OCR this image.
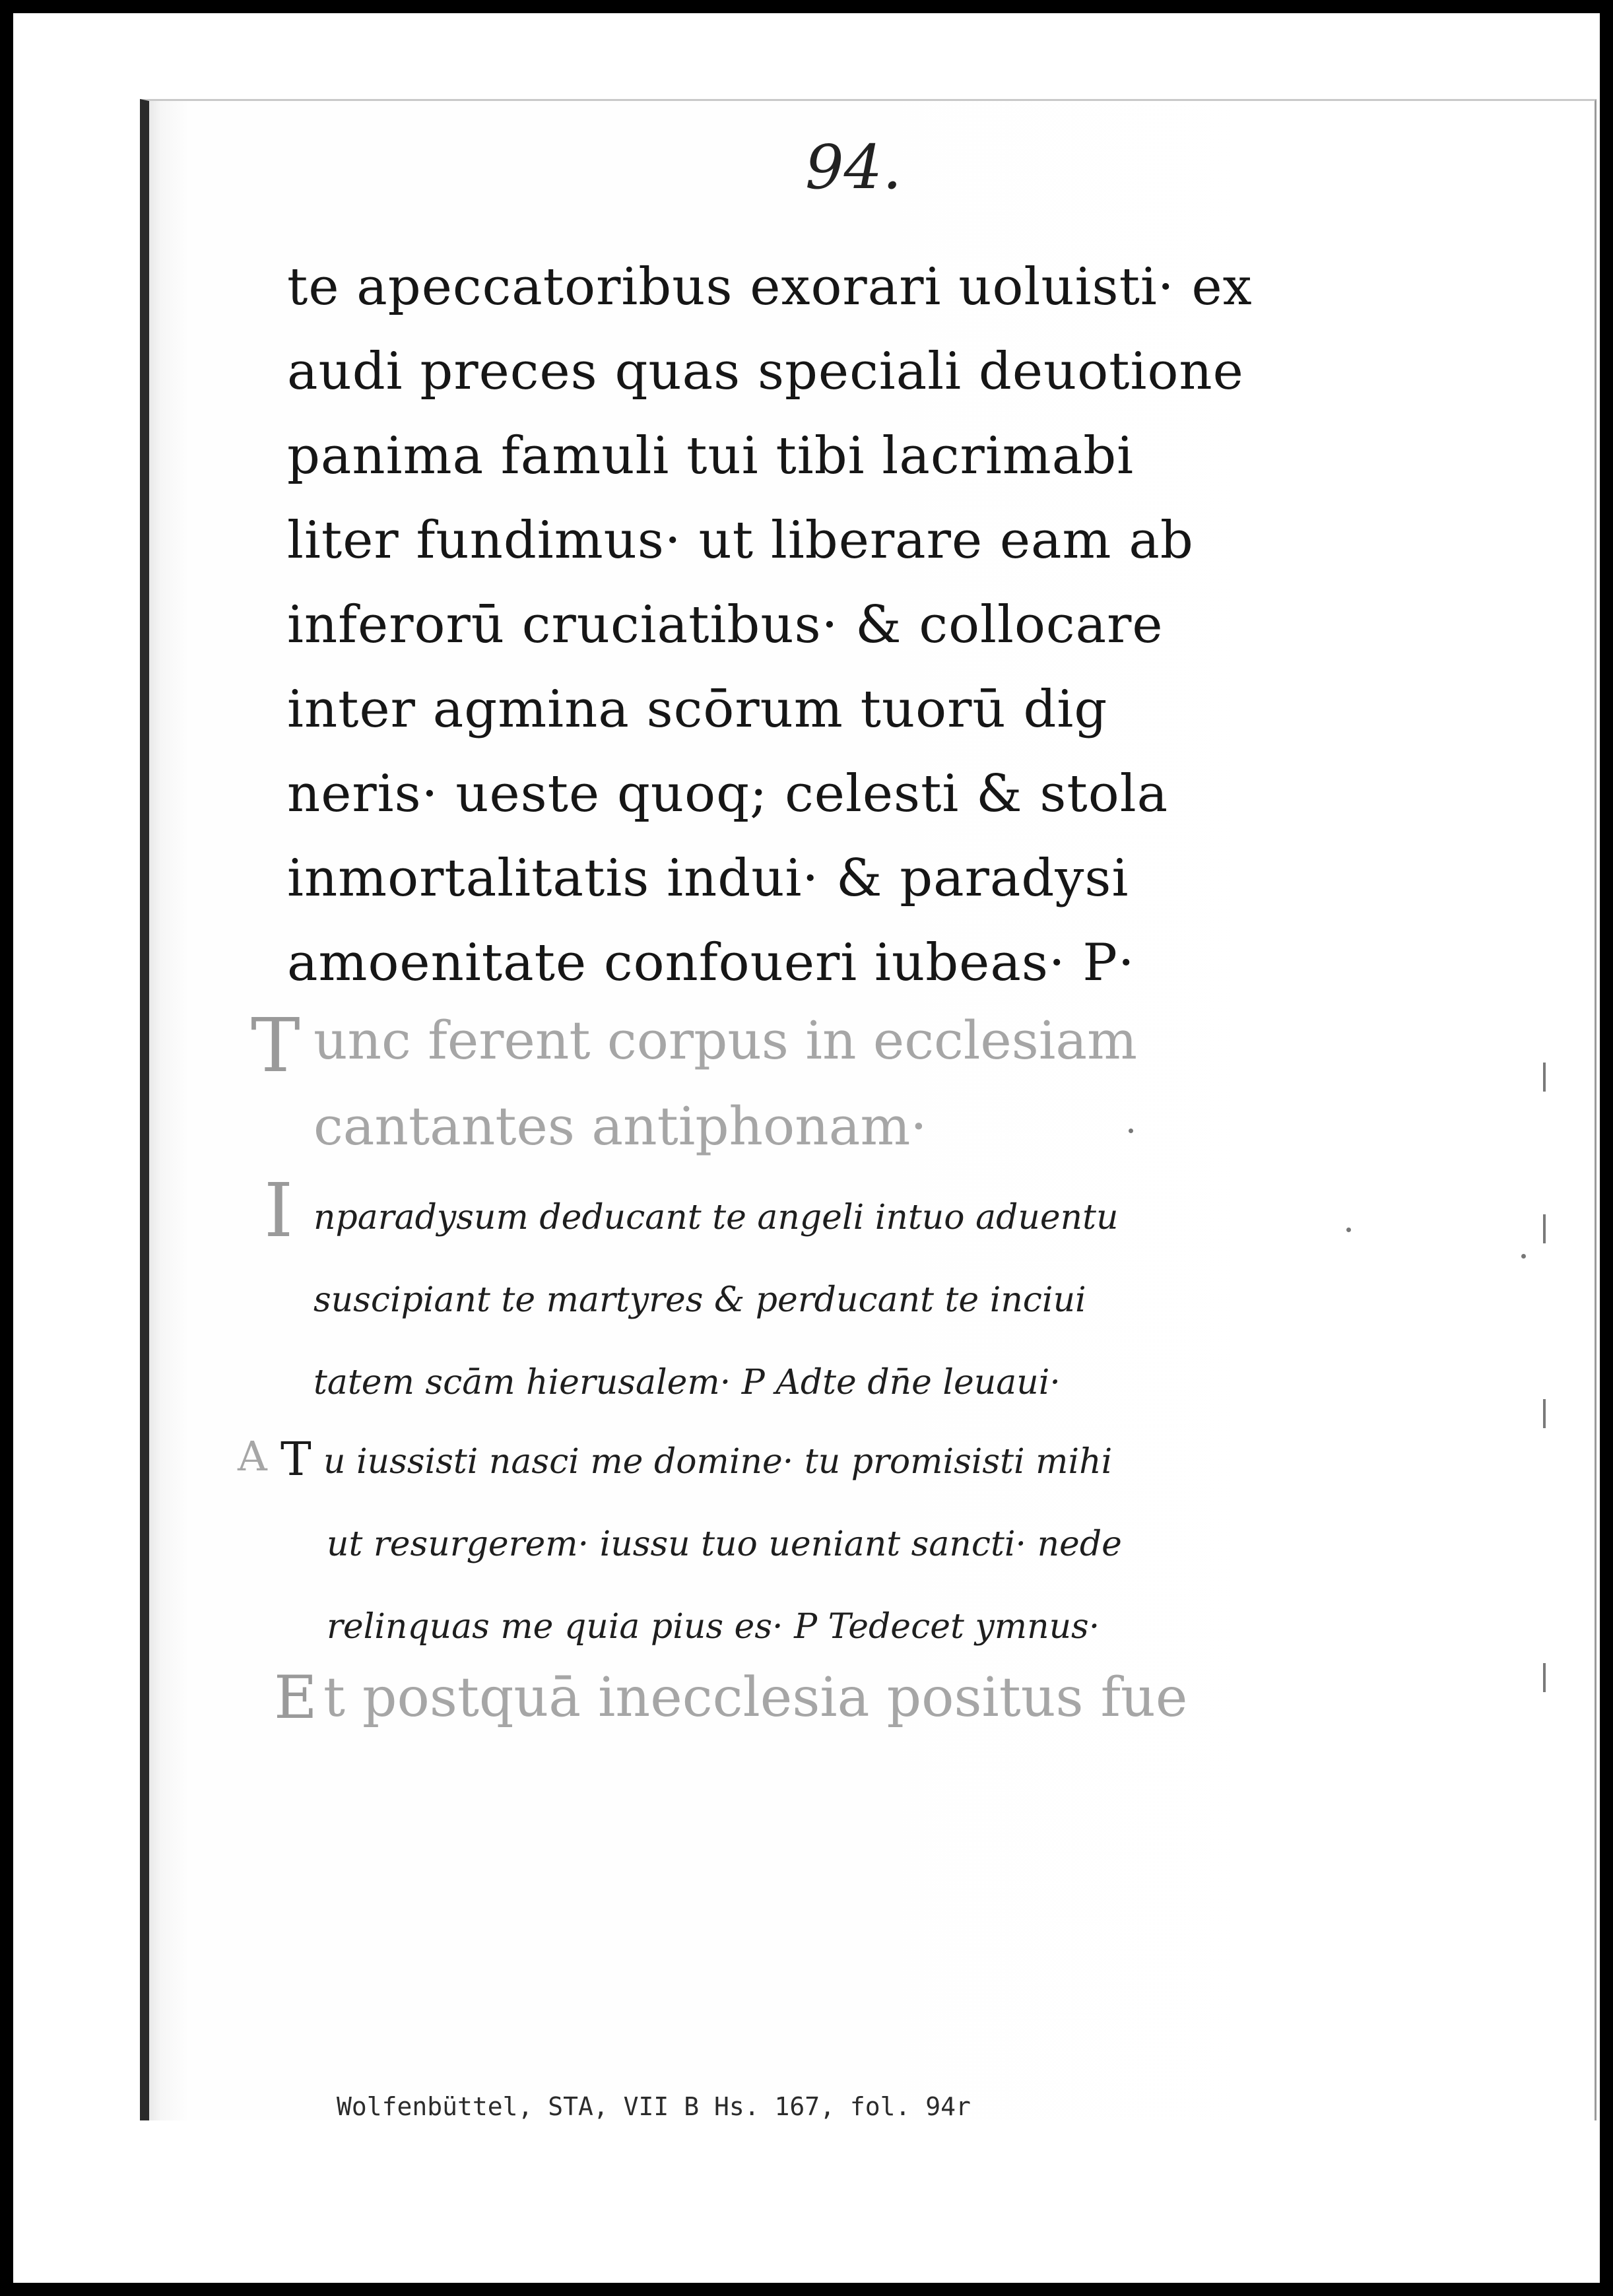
94.
te apeccatoribus exorari uoluisti· ex
audi preces quas speciali deuotione
panima famuli tui tibi lacrimabi
liter fundimus· ut liberare eam ab
inferorū cruciatibus· & collocare
inter agmina scōrum tuorū dig
neris· ueste quoq; celesti & stola
inmortalitatis indui· & paradysi
amoenitate confoueri iubeas· P·
T unc ferent corpus in ecclesiam
cantantes antiphonam·
I nparadysum deducant te angeli intuo aduentu
suscipiant te martyres & perducant te inciui
tatem scām hierusalem· P Adte dn̄e leuaui·
A T u iussisti nasci me domine· tu promisisti mihi
ut resurgerem· iussu tuo ueniant sancti· nede
relinquas me quia pius es· P Tedecet ymnus·
E t postquā inecclesia positus fue
Wolfenbüttel, STA, VII B Hs. 167, fol. 94r
